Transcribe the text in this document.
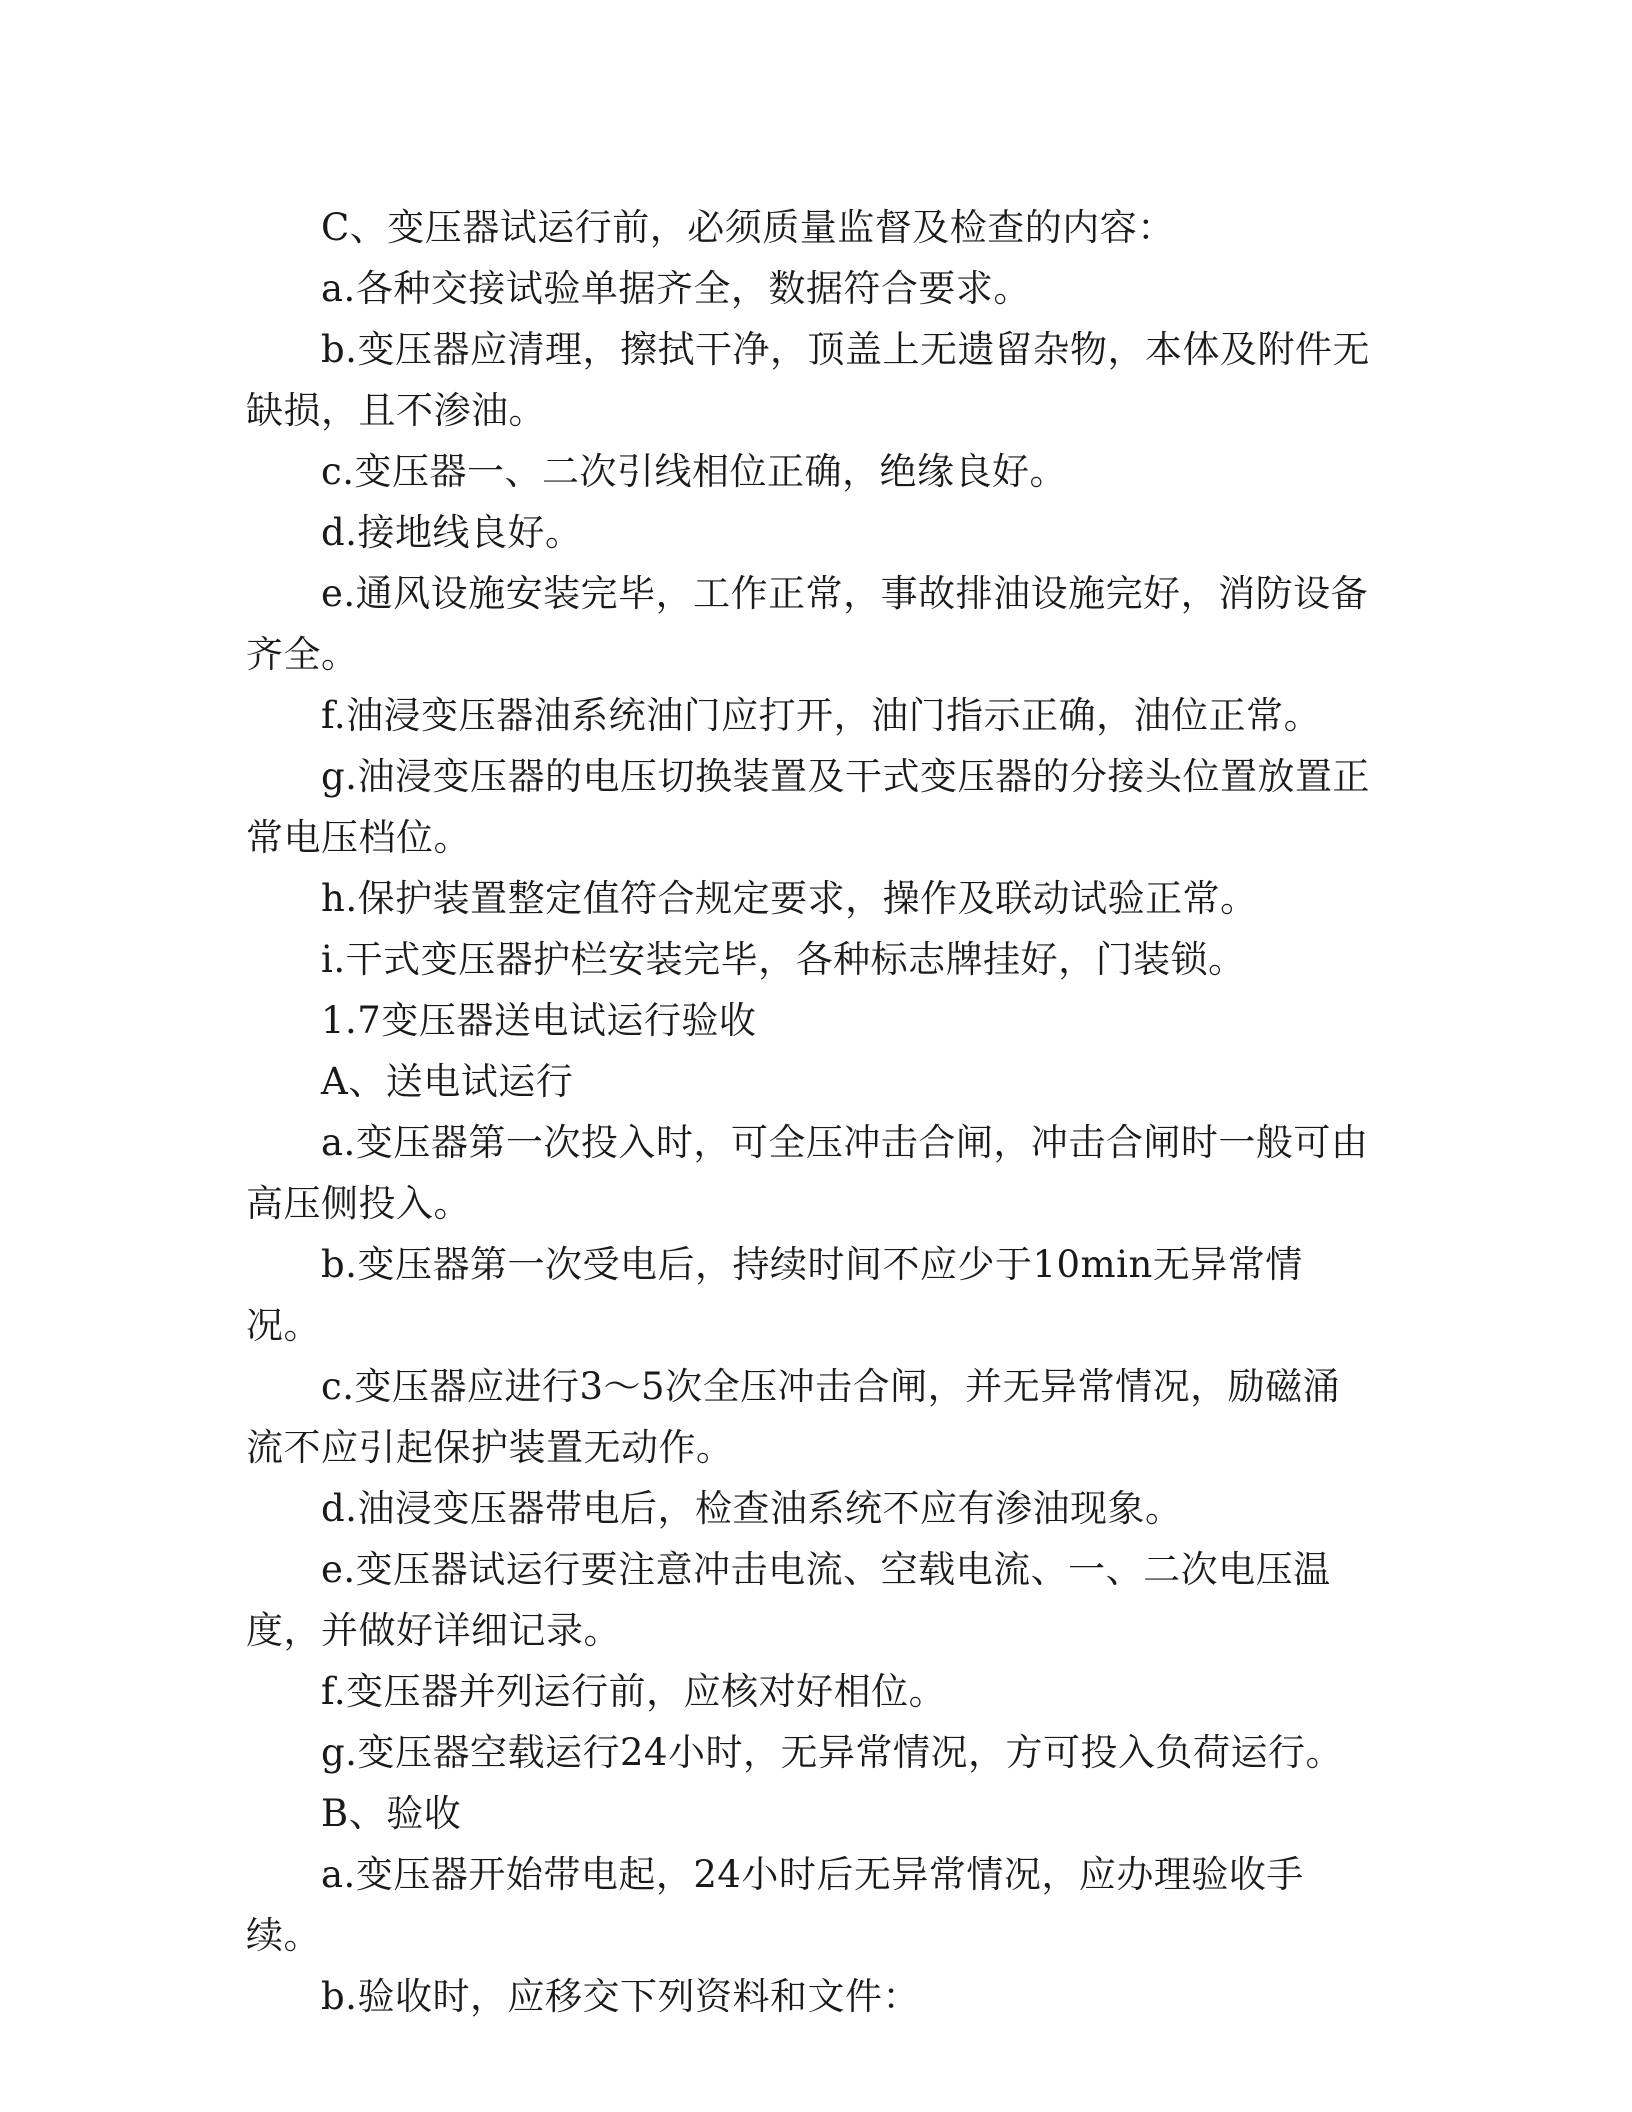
C、变压器试运行前，必须质量监督及检查的内容：

a.各种交接试验单据齐全，数据符合要求。

b.变压器应清理，擦拭干净，顶盖上无遗留杂物，本体及附件无缺损，且不渗油。

c.变压器一、二次引线相位正确，绝缘良好。

d.接地线良好。

e.通风设施安装完毕，工作正常，事故排油设施完好，消防设备齐全。

f.油浸变压器油系统油门应打开，油门指示正确，油位正常。

g.油浸变压器的电压切换装置及干式变压器的分接头位置放置正常电压档位。

h.保护装置整定值符合规定要求，操作及联动试验正常。

i.干式变压器护栏安装完毕，各种标志牌挂好，门装锁。

1.7变压器送电试运行验收

A、送电试运行

a.变压器第一次投入时，可全压冲击合闸，冲击合闸时一般可由高压侧投入。

b.变压器第一次受电后，持续时间不应少于10min无异常情况。

c.变压器应进行3～5次全压冲击合闸，并无异常情况，励磁涌流不应引起保护装置无动作。

d.油浸变压器带电后，检查油系统不应有渗油现象。

e.变压器试运行要注意冲击电流、空载电流、一、二次电压温度，并做好详细记录。

f.变压器并列运行前，应核对好相位。

g.变压器空载运行24小时，无异常情况，方可投入负荷运行。

B、验收

a.变压器开始带电起，24小时后无异常情况，应办理验收手续。

b.验收时，应移交下列资料和文件：
